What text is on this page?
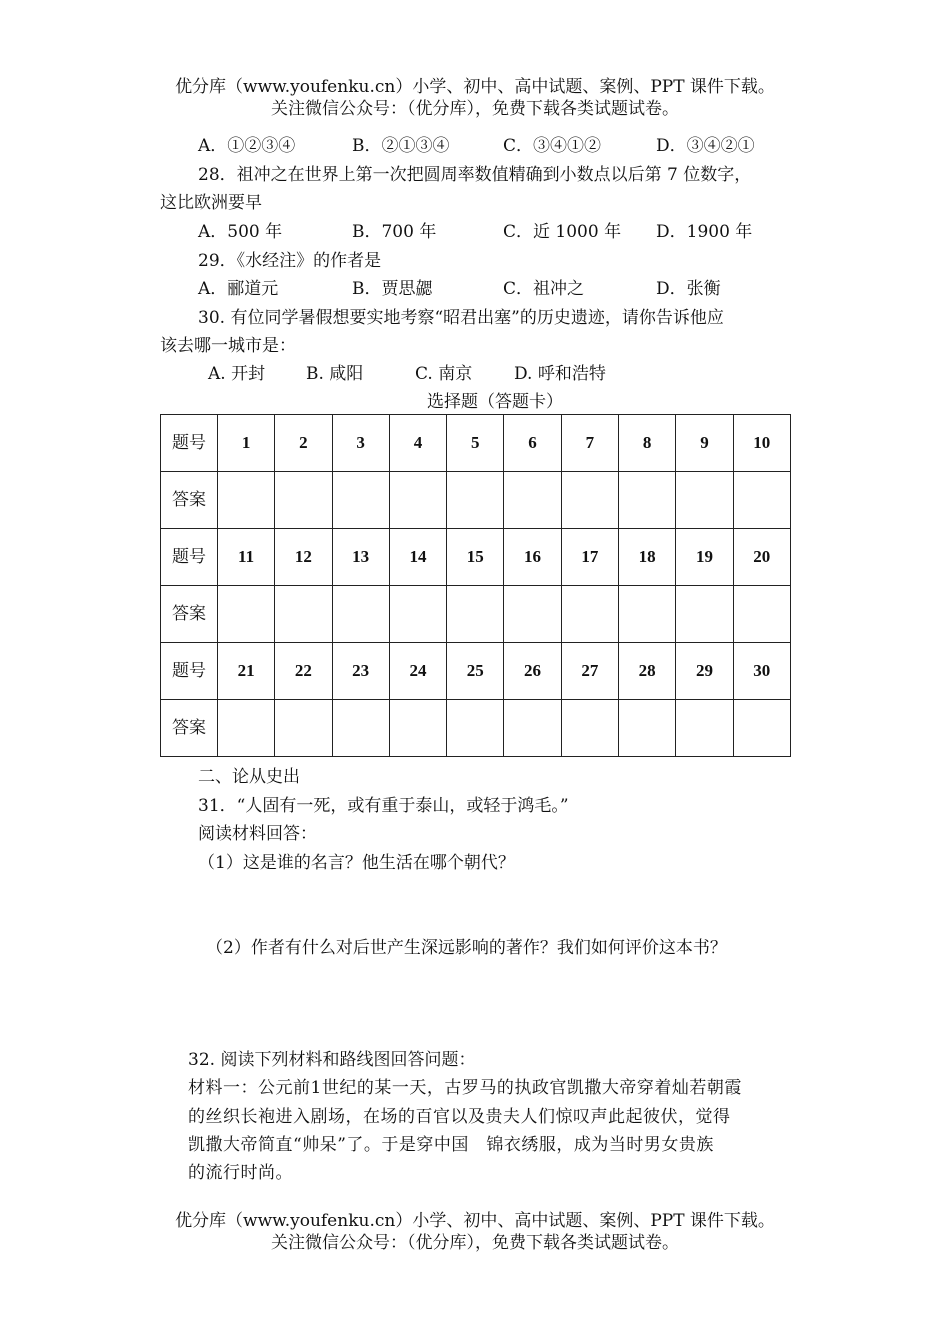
优分库（www.youfenku.cn）小学、初中、高中试题、案例、PPT 课件下载。
关注微信公众号：（优分库），免费下载各类试题试卷。
A．①②③④	B．②①③④	C．③④①②	D．③④②①
28．祖冲之在世界上第一次把圆周率数值精确到小数点以后第 7 位数字，
这比欧洲要早
A．500 年	B．700 年	C．近 1000 年 D．1900 年
29．《水经注》的作者是
A．郦道元	B．贾思勰	C．祖冲之	D．张衡
30. 有位同学暑假想要实地考察“昭君出塞”的历史遗迹，请你告诉他应
该去哪一城市是：
A. 开封 B. 咸阳	C. 南京 D. 呼和浩特
选择题（答题卡）
题号	1	2	3	4	5	6	7	8	9	10
答案										
题号	11	12	13	14	15	16	17	18	19	20
答案										
题号	21	22	23	24	25	26	27	28	29	30
答案										
二、论从史出
31．“人固有一死，或有重于泰山，或轻于鸿毛。”
阅读材料回答：
（1）这是谁的名言？他生活在哪个朝代？
（2）作者有什么对后世产生深远影响的著作？我们如何评价这本书？
32. 阅读下列材料和路线图回答问题：
材料一：公元前1世纪的某一天，古罗马的执政官凯撒大帝穿着灿若朝霞
的丝织长袍进入剧场，在场的百官以及贵夫人们惊叹声此起彼伏，觉得
凯撒大帝简直“帅呆”了。于是穿中国　锦衣绣服，成为当时男女贵族
的流行时尚。
优分库（www.youfenku.cn）小学、初中、高中试题、案例、PPT 课件下载。
关注微信公众号：（优分库），免费下载各类试题试卷。
